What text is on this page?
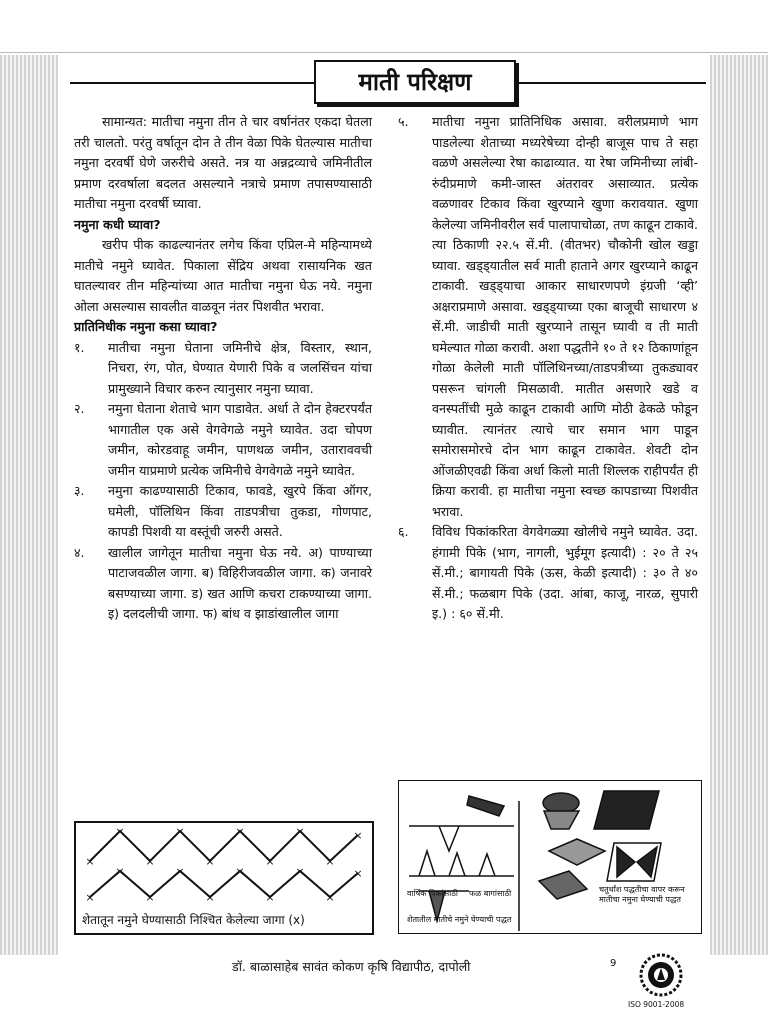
माती परिक्षण

सामान्यत: मातीचा नमुना तीन ते चार वर्षानंतर एकदा घेतला तरी चालतो. परंतु वर्षातून दोन ते तीन वेळा पिके घेतल्यास मातीचा नमुना दरवर्षी घेणे जरुरीचे असते. नत्र या अन्नद्रव्याचे जमिनीतील प्रमाण दरवर्षाला बदलत असल्याने नत्राचे प्रमाण तपासण्यासाठी मातीचा नमुना दरवर्षी घ्यावा.

नमुना कधी घ्यावा?

खरीप पीक काढल्यानंतर लगेच किंवा एप्रिल-मे महिन्यामध्ये मातीचे नमुने घ्यावेत. पिकाला सेंद्रिय अथवा रासायनिक खत घातल्यावर तीन महिन्यांच्या आत मातीचा नमुना घेऊ नये. नमुना ओला असल्यास सावलीत वाळवून नंतर पिशवीत भरावा.

प्रातिनिधीक नमुना कसा घ्यावा?

१.	मातीचा नमुना घेताना जमिनीचे क्षेत्र, विस्तार, स्थान, निचरा, रंग, पोत, घेण्यात येणारी पिके व जलसिंचन यांचा प्रामुख्याने विचार करुन त्यानुसार नमुना घ्यावा.
२.	नमुना घेताना शेताचे भाग पाडावेत. अर्धा ते दोन हेक्टरपर्यंत भागातील एक असे वेगवेगळे नमुने घ्यावेत. उदा चोपण जमीन, कोरडवाहू जमीन, पाणथळ जमीन, उताराववची जमीन याप्रमाणे प्रत्येक जमिनीचे वेगवेगळे नमुने घ्यावेत.
३.	नमुना काढण्यासाठी टिकाव, फावडे, खुरपे किंवा ऑगर, घमेली, पॉलिथिन किंवा ताडपत्रीचा तुकडा, गोणपाट, कापडी पिशवी या वस्तूंची जरुरी असते.
४.	खालील जागेतून मातीचा नमुना घेऊ नये. अ) पाण्याच्या पाटाजवळील जागा. ब) विहिरीजवळील जागा. क) जनावरे बसण्याच्या जागा. ड) खत आणि कचरा टाकण्याच्या जागा. इ) दलदलीची जागा. फ) बांध व झाडांखालील जागा
५.	मातीचा नमुना प्रातिनिधिक असावा. वरीलप्रमाणे भाग पाडलेल्या शेताच्या मध्यरेषेच्या दोन्ही बाजूस पाच ते सहा वळणे असलेल्या रेषा काढाव्यात. या रेषा जमिनीच्या लांबी-रुंदीप्रमाणे कमी-जास्त अंतरावर असाव्यात. प्रत्येक वळणावर टिकाव किंवा खुरप्याने खुणा करावयात. खुणा केलेल्या जमिनीवरील सर्व पालापाचोळा, तण काढून टाकावे. त्या ठिकाणी २२.५ सें.मी. (वीतभर) चौकोनी खोल खड्डा घ्यावा. खड्ड्यातील सर्व माती हाताने अगर खुरप्याने काढून टाकावी. खड्ड्याचा आकार साधारणपणे इंग्रजी ‘व्ही’ अक्षराप्रमाणे असावा. खड्ड्याच्या एका बाजूची साधारण ४ सें.मी. जाडीची माती खुरप्याने तासून घ्यावी व ती माती घमेल्यात गोळा करावी. अशा पद्धतीने १० ते १२ ठिकाणांहून गोळा केलेली माती पॉलिथिनच्या/ताडपत्रीच्या तुकड्यावर पसरून चांगली मिसळावी. मातीत असणारे खडे व वनस्पतींची मुळे काढून टाकावी आणि मोठी ढेकळे फोडून घ्यावीत. त्यानंतर त्याचे चार समान भाग पाडून समोरासमोरचे दोन भाग काढून टाकावेत. शेवटी दोन ओंजळीएवढी किंवा अर्धा किलो माती शिल्लक राहीपर्यंत ही क्रिया करावी. हा मातीचा नमुना स्वच्छ कापडाच्या पिशवीत भरावा.
६.	विविध पिकांकरिता वेगवेगळ्या खोलीचे नमुने घ्यावेत. उदा. हंगामी पिके (भाग, नागली, भुईमूग इत्यादी) : २० ते २५ सें.मी.; बागायती पिके (ऊस, केळी इत्यादी) : ३० ते ४० सें.मी.; फळबाग पिके (उदा. आंबा, काजू, नारळ, सुपारी इ.) : ६० सें.मी.
×
×
×
×
×
×
×
×
×
×
×
×
×
×
×
×
×
×
×
×
शेतातून नमुने घेण्यासाठी निश्चित केलेल्या जागा (x)
वार्षिक पिकांसाठी फळ बागांसाठी
शेतातील मातीचे नमुने घेण्याची पद्धत
चतुर्थांश पद्धतीचा वापर करून मातीचा नमुना घेण्याची पद्धत
डॉ. बाळासाहेब सावंत कोकण कृषि विद्यापीठ, दापोली	9
ISO 9001-2008
